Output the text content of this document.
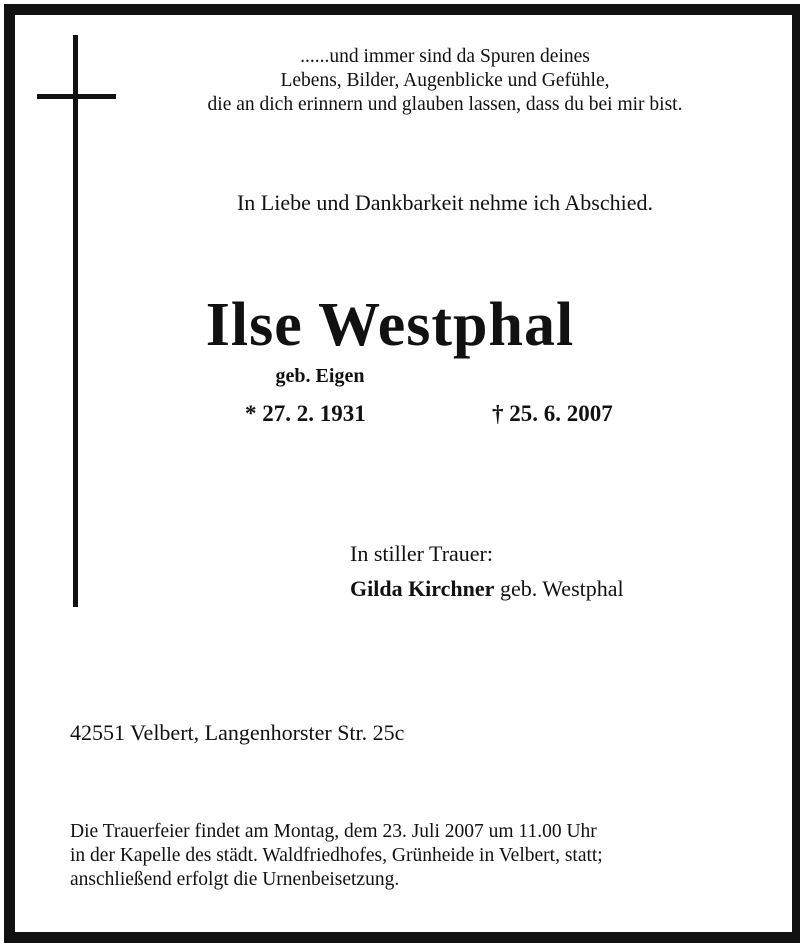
......und immer sind da Spuren deines
Lebens, Bilder, Augenblicke und Gefühle,
die an dich erinnern und glauben lassen, dass du bei mir bist.
In Liebe und Dankbarkeit nehme ich Abschied.
Ilse Westphal
geb. Eigen
* 27. 2. 1931	† 25. 6. 2007
In stiller Trauer:
Gilda Kirchner geb. Westphal
42551 Velbert, Langenhorster Str. 25c
Die Trauerfeier findet am Montag, dem 23. Juli 2007 um 11.00 Uhr
in der Kapelle des städt. Waldfriedhofes, Grünheide in Velbert, statt;
anschließend erfolgt die Urnenbeisetzung.
